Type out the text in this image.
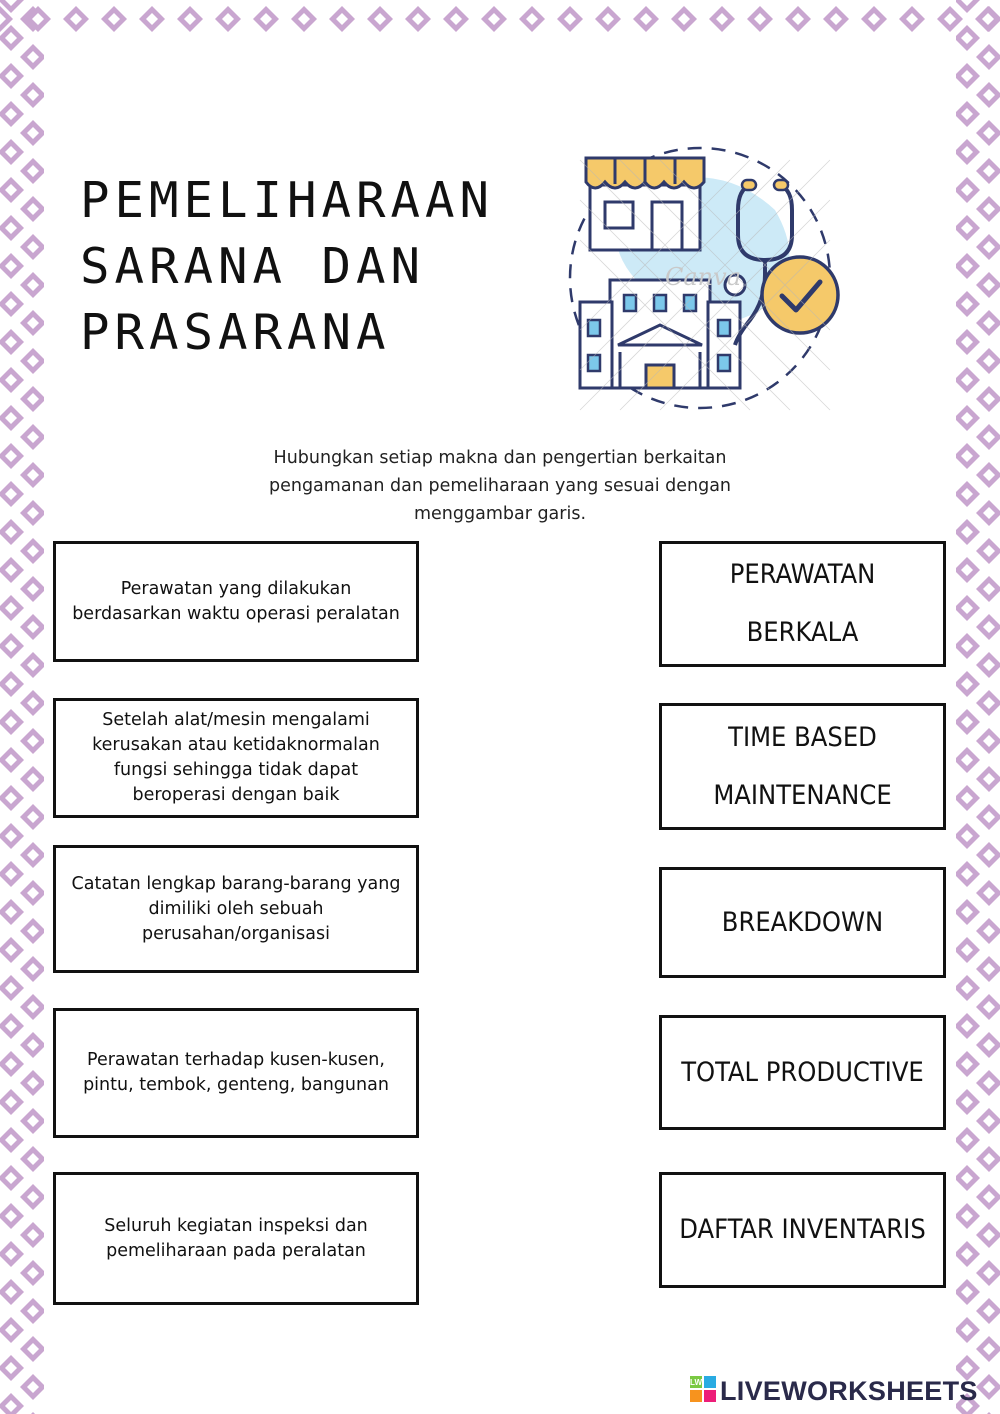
PEMELIHARAAN
SARANA DAN
PRASARANA
Canva

Hubungkan setiap makna dan pengertian berkaitan pengamanan dan pemeliharaan yang sesuai dengan menggambar garis.

Perawatan yang dilakukan berdasarkan waktu operasi peralatan
Setelah alat/mesin mengalami kerusakan atau ketidaknormalan fungsi sehingga tidak dapat beroperasi dengan baik
Catatan lengkap barang-barang yang dimiliki oleh sebuah perusahan/organisasi
Perawatan terhadap kusen-kusen, pintu, tembok, genteng, bangunan
Seluruh kegiatan inspeksi dan pemeliharaan pada peralatan
PERAWATAN BERKALA
TIME BASED MAINTENANCE
BREAKDOWN
TOTAL PRODUCTIVE
DAFTAR INVENTARIS
LW LIVEWORKSHEETS
